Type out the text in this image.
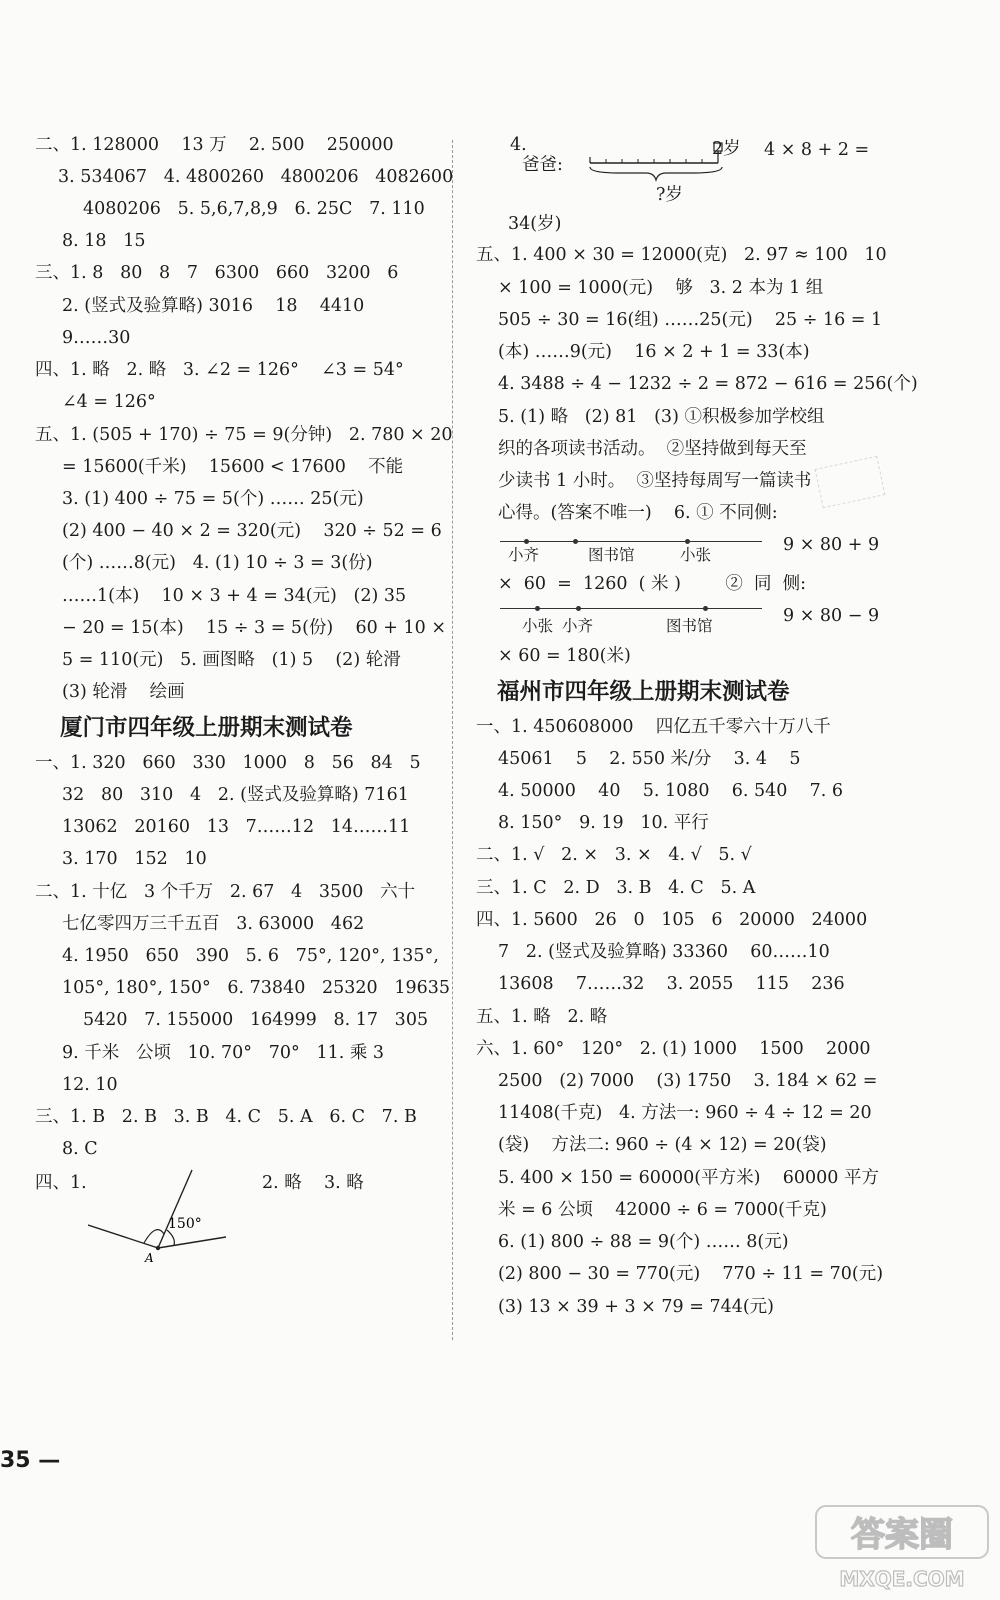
二、1. 128000    13 万    2. 500    250000
3. 534067   4. 4800260   4800206   4082600
4080206   5. 5,6,7,8,9   6. 25C   7. 110
8. 18   15
三、1. 8   80   8   7   6300   660   3200   6
2. (竖式及验算略) 3016    18    4410
9……30
四、1. 略   2. 略   3. ∠2 = 126°    ∠3 = 54°
∠4 = 126°
五、1. (505 + 170) ÷ 75 = 9(分钟)   2. 780 × 20
= 15600(千米)    15600 < 17600    不能
3. (1) 400 ÷ 75 = 5(个) …… 25(元)
(2) 400 − 40 × 2 = 320(元)    320 ÷ 52 = 6
(个) ……8(元)   4. (1) 10 ÷ 3 = 3(份)
……1(本)    10 × 3 + 4 = 34(元)   (2) 35
− 20 = 15(本)    15 ÷ 3 = 5(份)    60 + 10 ×
5 = 110(元)   5. 画图略   (1) 5    (2) 轮滑
(3) 轮滑    绘画
厦门市四年级上册期末测试卷
一、1. 320   660   330   1000   8   56   84   5
32   80   310   4   2. (竖式及验算略) 7161
13062   20160   13   7……12   14……11
3. 170   152   10
二、1. 十亿   3 个千万   2. 67   4   3500   六十
七亿零四万三千五百   3. 63000   462
4. 1950   650   390   5. 6   75°, 120°, 135°,
105°, 180°, 150°   6. 73840   25320   19635
5420   7. 155000   164999   8. 17   305
9. 千米   公顷   10. 70°   70°   11. 乘 3
12. 10
三、1. B   2. B   3. B   4. C   5. A   6. C   7. B
8. C
四、1.	2. 略    3. 略
150°
A
4.
爸爸:
2岁 4 × 8 + 2 =
?岁
34(岁)
五、1. 400 × 30 = 12000(克)   2. 97 ≈ 100   10
× 100 = 1000(元)    够   3. 2 本为 1 组
505 ÷ 30 = 16(组) ……25(元)    25 ÷ 16 = 1
(本) ……9(元)    16 × 2 + 1 = 33(本)
4. 3488 ÷ 4 − 1232 ÷ 2 = 872 − 616 = 256(个)
5. (1) 略   (2) 81   (3) ①积极参加学校组
织的各项读书活动。  ②坚持做到每天至
少读书 1 小时。  ③坚持每周写一篇读书
心得。(答案不唯一)    6. ① 不同侧:
小齐	图书馆	小张	9 × 80 + 9
×  60  =  1260  ( 米 )        ②  同  侧:
小张 小齐	图书馆	9 × 80 − 9
× 60 = 180(米)
福州市四年级上册期末测试卷
一、1. 450608000    四亿五千零六十万八千
45061    5    2. 550 米/分    3. 4    5
4. 50000    40    5. 1080    6. 540    7. 6
8. 150°   9. 19   10. 平行
二、1. √   2. ×   3. ×   4. √   5. √
三、1. C   2. D   3. B   4. C   5. A
四、1. 5600   26   0   105   6   20000   24000
7   2. (竖式及验算略) 33360    60……10
13608    7……32    3. 2055    115    236
五、1. 略   2. 略
六、1. 60°   120°   2. (1) 1000    1500    2000
2500   (2) 7000    (3) 1750    3. 184 × 62 =
11408(千克)   4. 方法一: 960 ÷ 4 ÷ 12 = 20
(袋)    方法二: 960 ÷ (4 × 12) = 20(袋)
5. 400 × 150 = 60000(平方米)    60000 平方
米 = 6 公顷    42000 ÷ 6 = 7000(千克)
6. (1) 800 ÷ 88 = 9(个) …… 8(元)
(2) 800 − 30 = 770(元)    770 ÷ 11 = 70(元)
(3) 13 × 39 + 3 × 79 = 744(元)
35 —
答案圈
MXQE.COM
